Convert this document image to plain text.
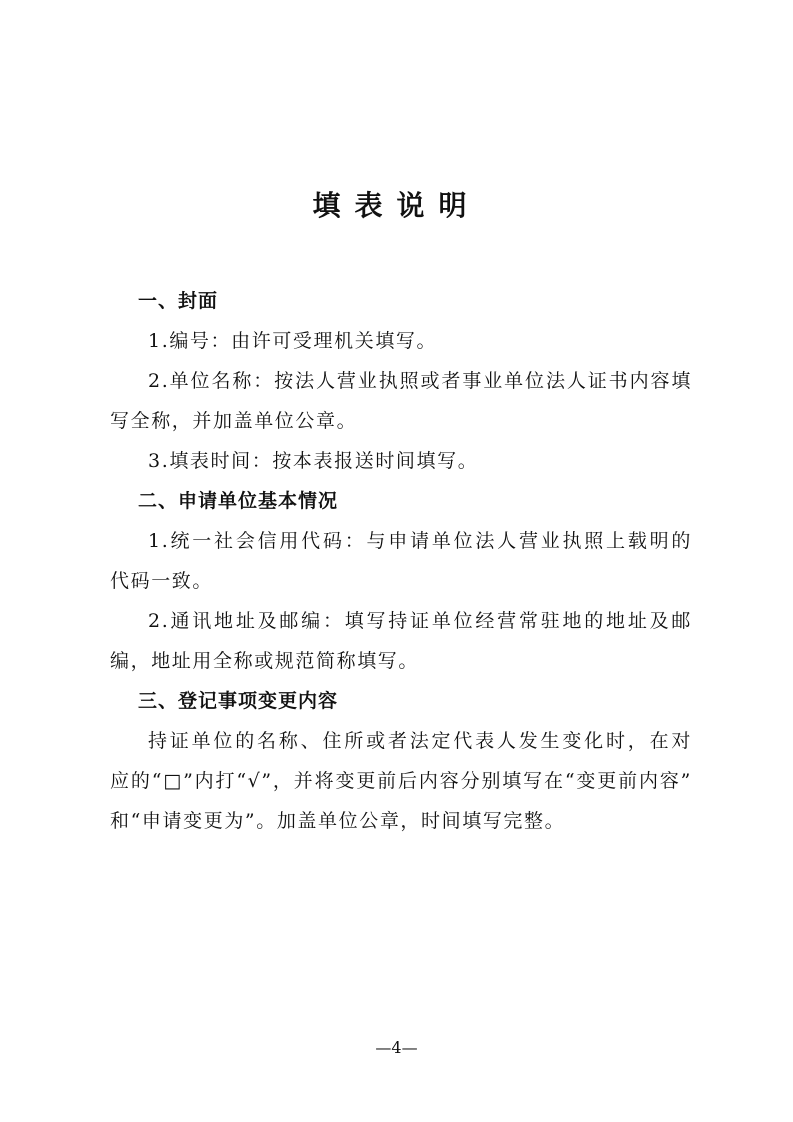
填表说明
一、封面
1.编号：由许可受理机关填写。
2.单位名称：按法人营业执照或者事业单位法人证书内容填
写全称，并加盖单位公章。
3.填表时间：按本表报送时间填写。
二、申请单位基本情况
1.统一社会信用代码：与申请单位法人营业执照上载明的
代码一致。
2.通讯地址及邮编：填写持证单位经营常驻地的地址及邮
编，地址用全称或规范简称填写。
三、登记事项变更内容
持证单位的名称、住所或者法定代表人发生变化时，在对
应的“□”内打“√”，并将变更前后内容分别填写在“变更前内容”
和“申请变更为”。加盖单位公章，时间填写完整。
—4—
